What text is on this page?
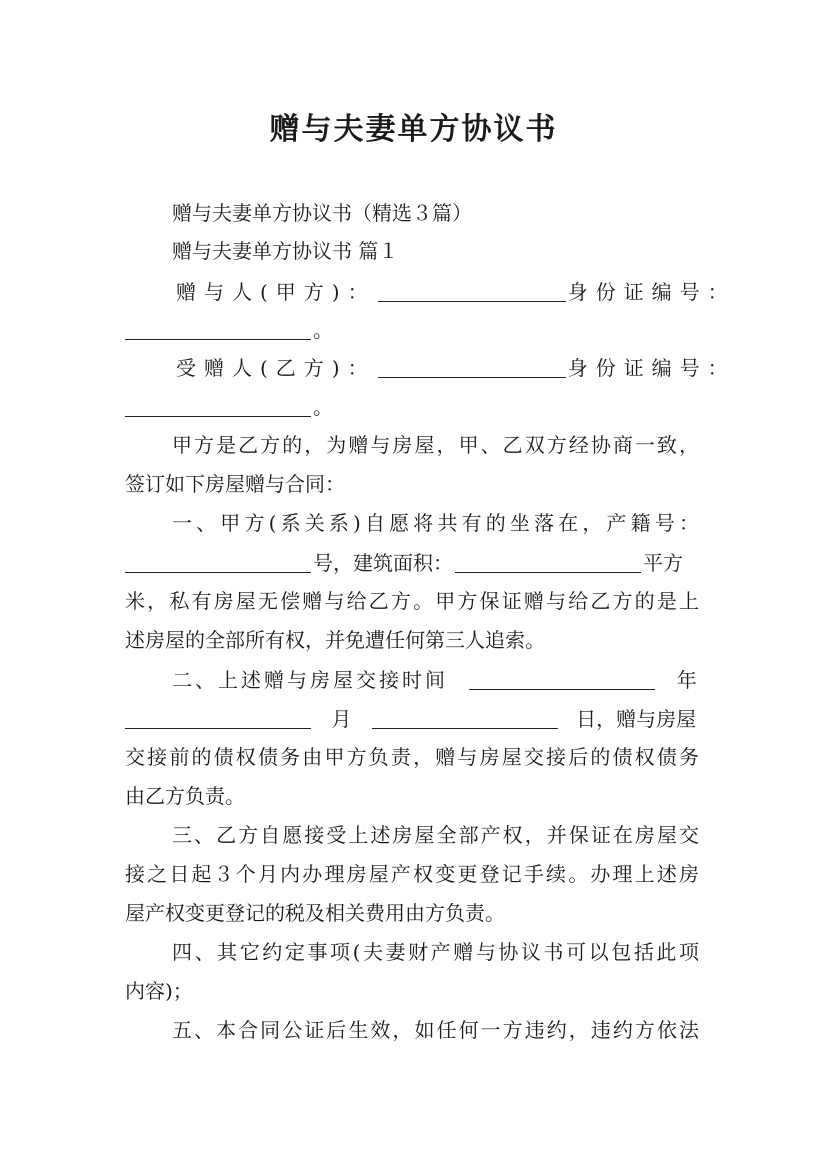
赠与夫妻单方协议书
赠与夫妻单方协议书（精选３篇）
赠与夫妻单方协议书 篇１
赠与人(甲方)：	身份证编号：
。
受赠人(乙方)：	身份证编号：
。
甲方是乙方的，为赠与房屋，甲、乙双方经协商一致，
签订如下房屋赠与合同：
一、甲方(系关系)自愿将共有的坐落在，产籍号：
号，建筑面积：	平方
米，私有房屋无偿赠与给乙方。甲方保证赠与给乙方的是上
述房屋的全部所有权，并免遭任何第三人追索。
二、上述赠与房屋交接时间	年
月	日，赠与房屋
交接前的债权债务由甲方负责，赠与房屋交接后的债权债务
由乙方负责。
三、乙方自愿接受上述房屋全部产权，并保证在房屋交
接之日起３个月内办理房屋产权变更登记手续。办理上述房
屋产权变更登记的税及相关费用由方负责。
四、其它约定事项(夫妻财产赠与协议书可以包括此项
内容)；
五、本合同公证后生效，如任何一方违约，违约方依法
